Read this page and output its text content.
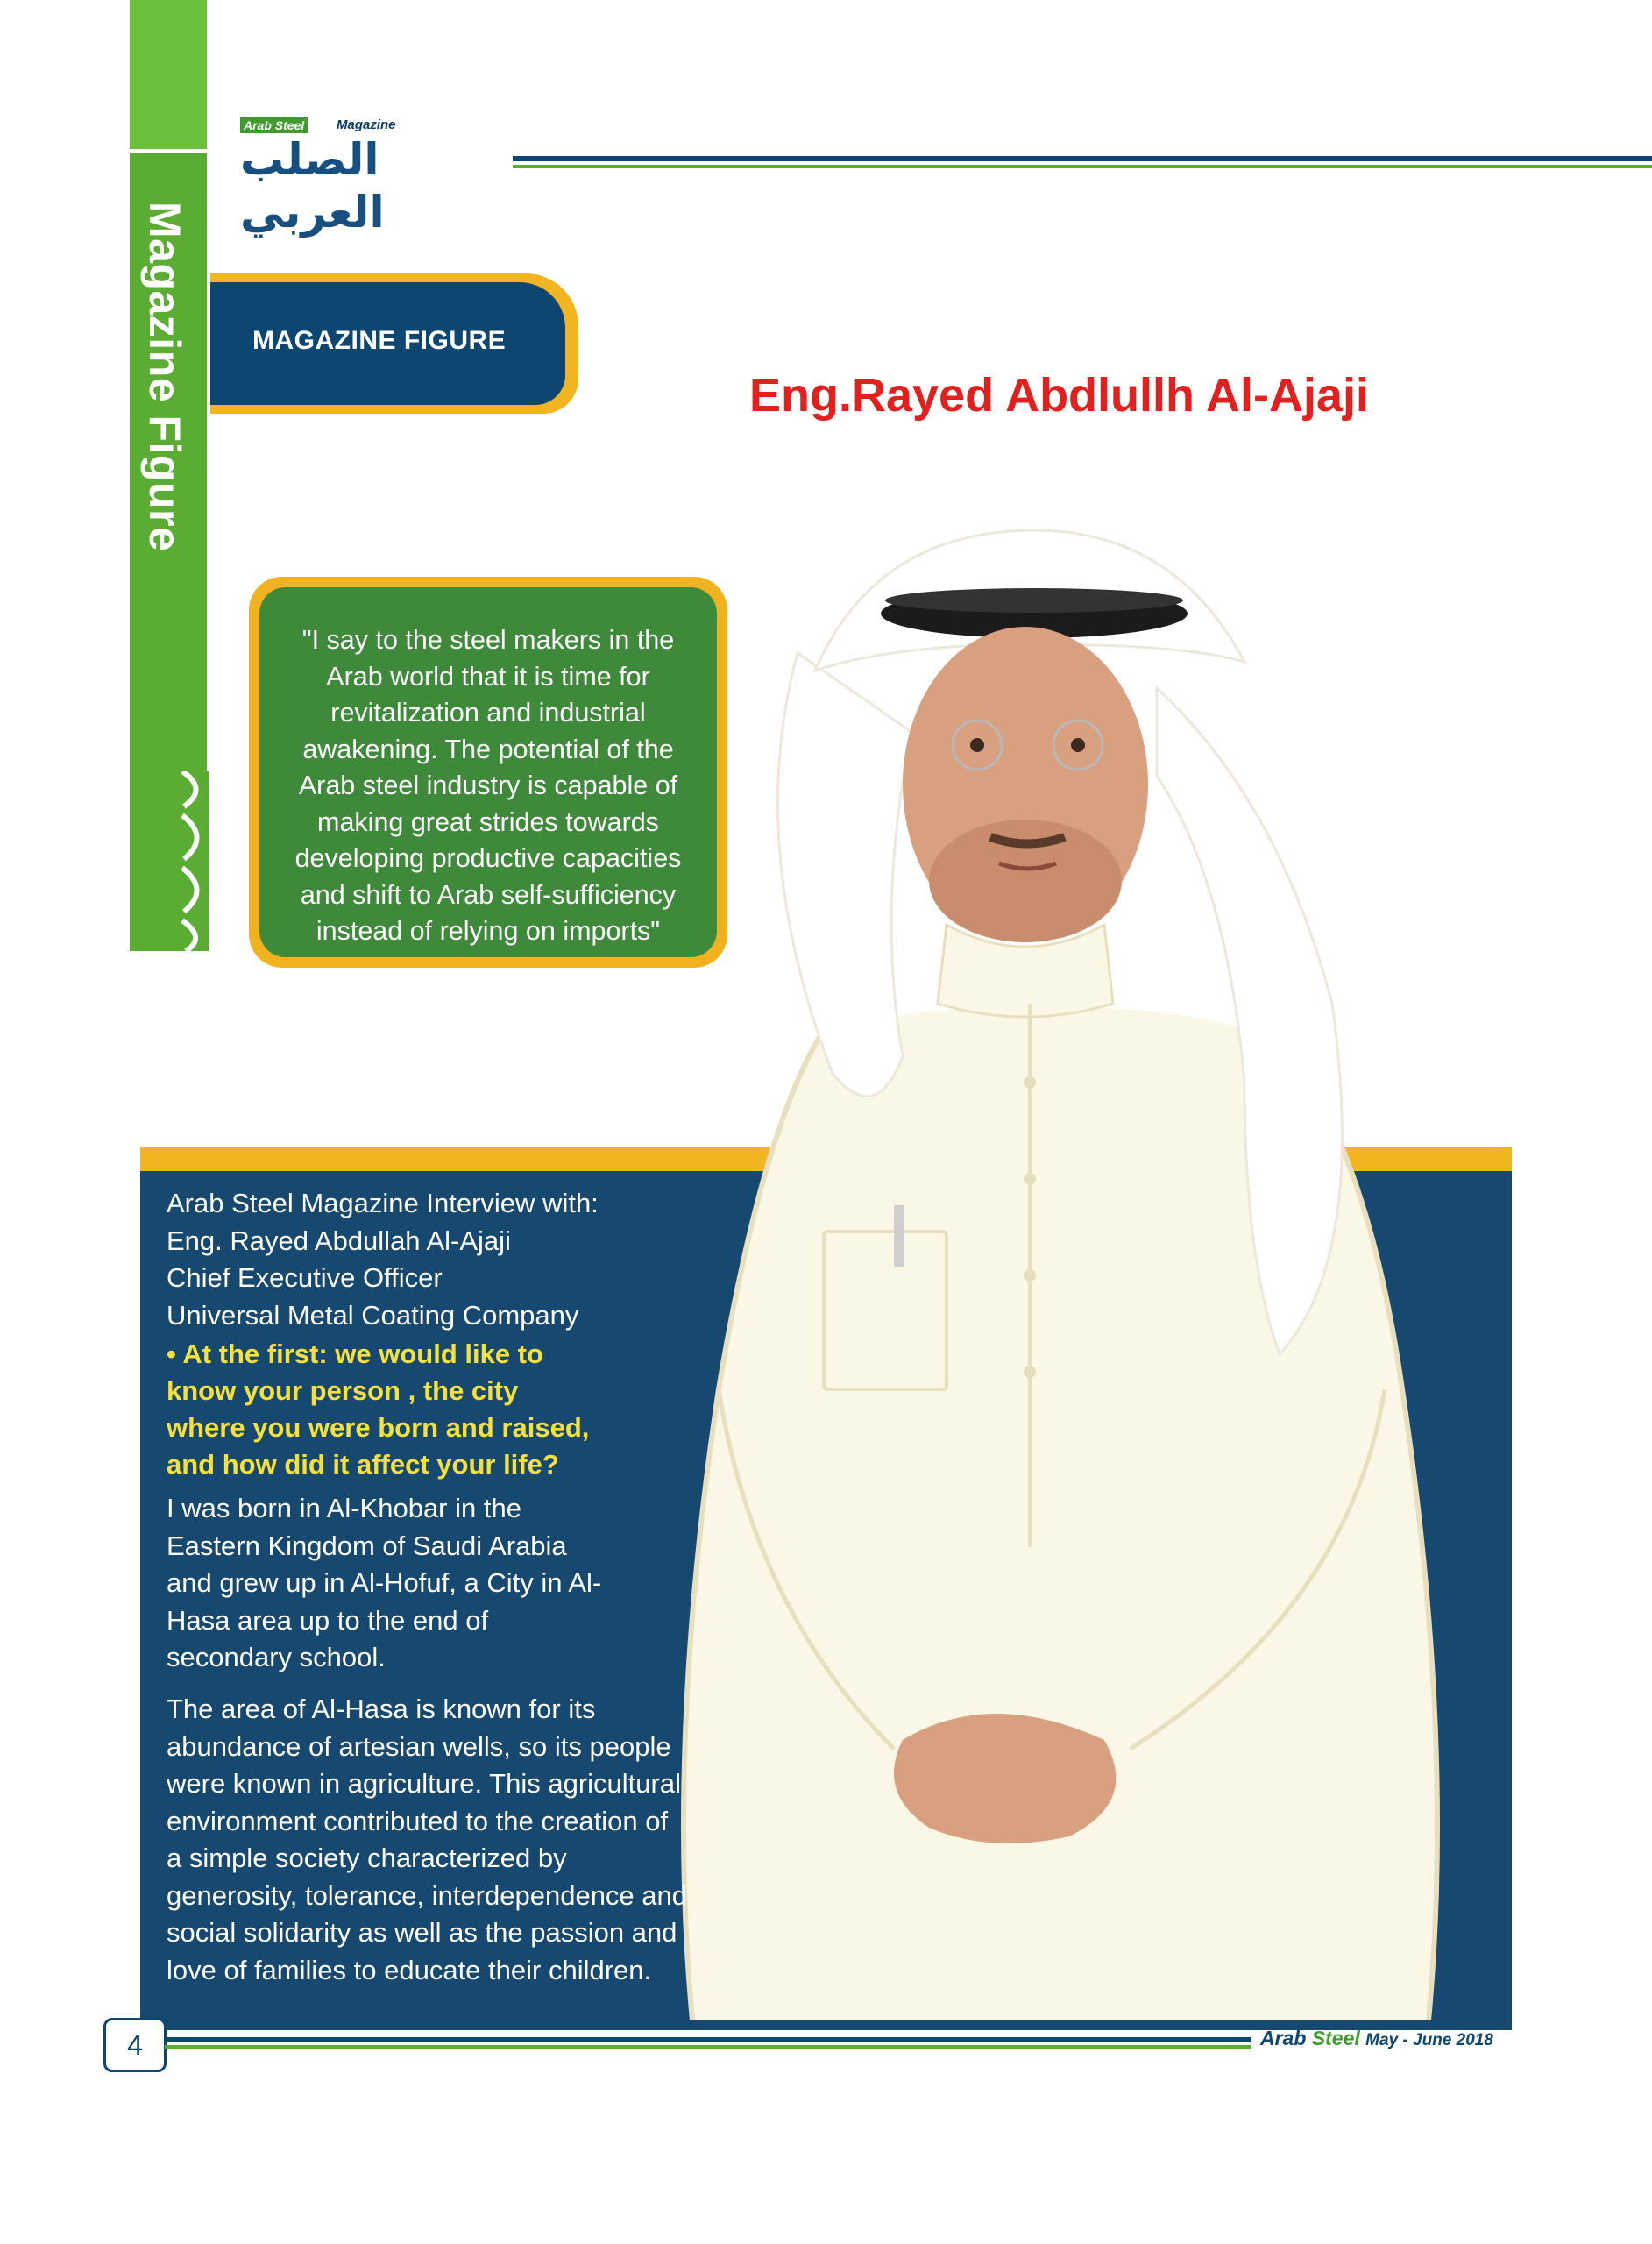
Magazine Figure
Arab Steel Magazine
الصلب العربي
MAGAZINE FIGURE
Eng.Rayed Abdlullh Al-Ajaji
"I say to the steel makers in the
Arab world that it is time for
revitalization and industrial
awakening. The potential of the
Arab steel industry is capable of
making great strides towards
developing productive capacities
and shift to Arab self-sufficiency
instead of relying on imports"
Arab Steel Magazine Interview with:
Eng. Rayed Abdullah Al-Ajaji
Chief Executive Officer
Universal Metal Coating Company
• At the first: we would like to
know your person , the city
where you were born and raised,
and how did it affect your life?
I was born in Al-Khobar in the
Eastern Kingdom of Saudi Arabia
and grew up in Al-Hofuf, a City in Al-
Hasa area up to the end of
secondary school.
The area of Al-Hasa is known for its
abundance of artesian wells, so its people
were known in agriculture. This agricultural
environment contributed to the creation of
a simple society characterized by
generosity, tolerance, interdependence and
social solidarity as well as the passion and
love of families to educate their children.
4	Arab Steel May - June 2018
